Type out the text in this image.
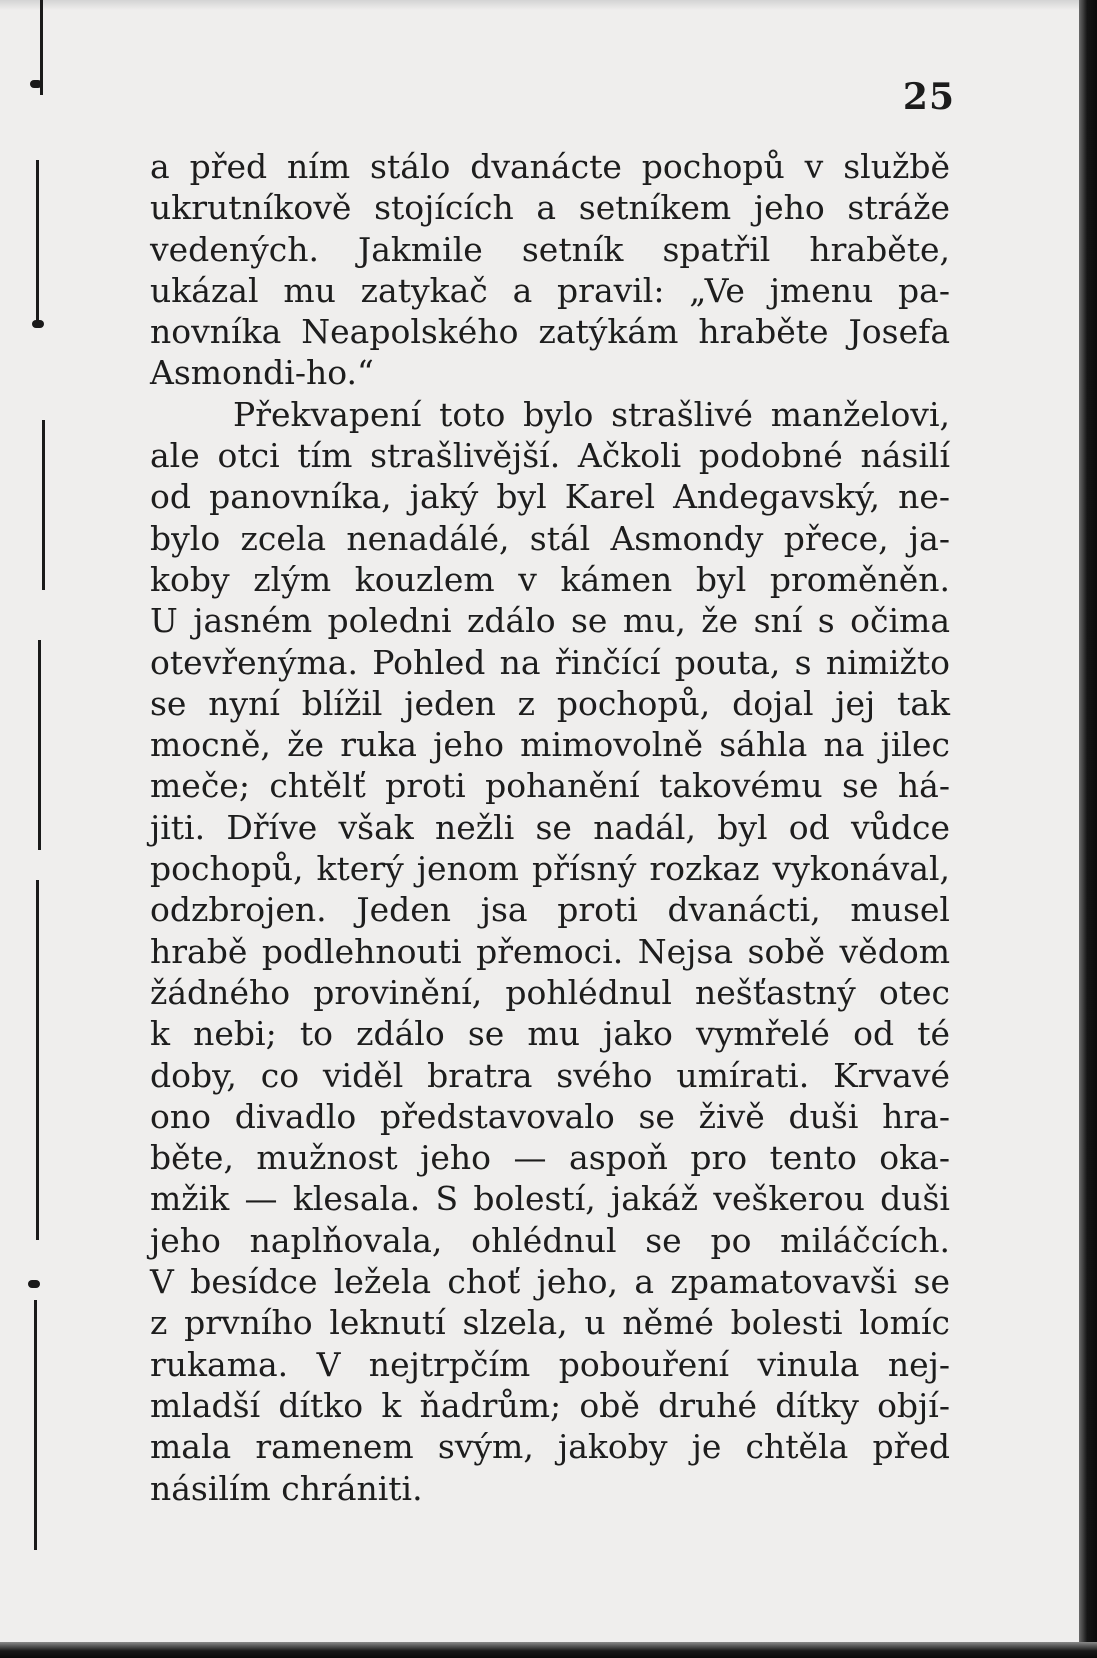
25
a před ním stálo dvanácte pochopů v službě
ukrutníkově stojících a setníkem jeho stráže
vedených. Jakmile setník spatřil hraběte,
ukázal mu zatykač a pravil: „Ve jmenu pa-
novníka Neapolského zatýkám hraběte Josefa
Asmondi-ho.“
Překvapení toto bylo strašlivé manželovi,
ale otci tím strašlivější. Ačkoli podobné násilí
od panovníka, jaký byl Karel Andegavský, ne-
bylo zcela nenadálé, stál Asmondy přece, ja-
koby zlým kouzlem v kámen byl proměněn.
U jasném poledni zdálo se mu, že sní s očima
otevřenýma. Pohled na řinčící pouta, s nimižto
se nyní blížil jeden z pochopů, dojal jej tak
mocně, že ruka jeho mimovolně sáhla na jilec
meče; chtělť proti pohanění takovému se há-
jiti. Dříve však nežli se nadál, byl od vůdce
pochopů, který jenom přísný rozkaz vykonával,
odzbrojen. Jeden jsa proti dvanácti, musel
hrabě podlehnouti přemoci. Nejsa sobě vědom
žádného provinění, pohlédnul nešťastný otec
k nebi; to zdálo se mu jako vymřelé od té
doby, co viděl bratra svého umírati. Krvavé
ono divadlo představovalo se živě duši hra-
běte, mužnost jeho — aspoň pro tento oka-
mžik — klesala. S bolestí, jakáž veškerou duši
jeho naplňovala, ohlédnul se po miláčcích.
V besídce ležela choť jeho, a zpamatovavši se
z prvního leknutí slzela, u němé bolesti lomíc
rukama. V nejtrpčím pobouření vinula nej-
mladší dítko k ňadrům; obě druhé dítky objí-
mala ramenem svým, jakoby je chtěla před
násilím chrániti.
